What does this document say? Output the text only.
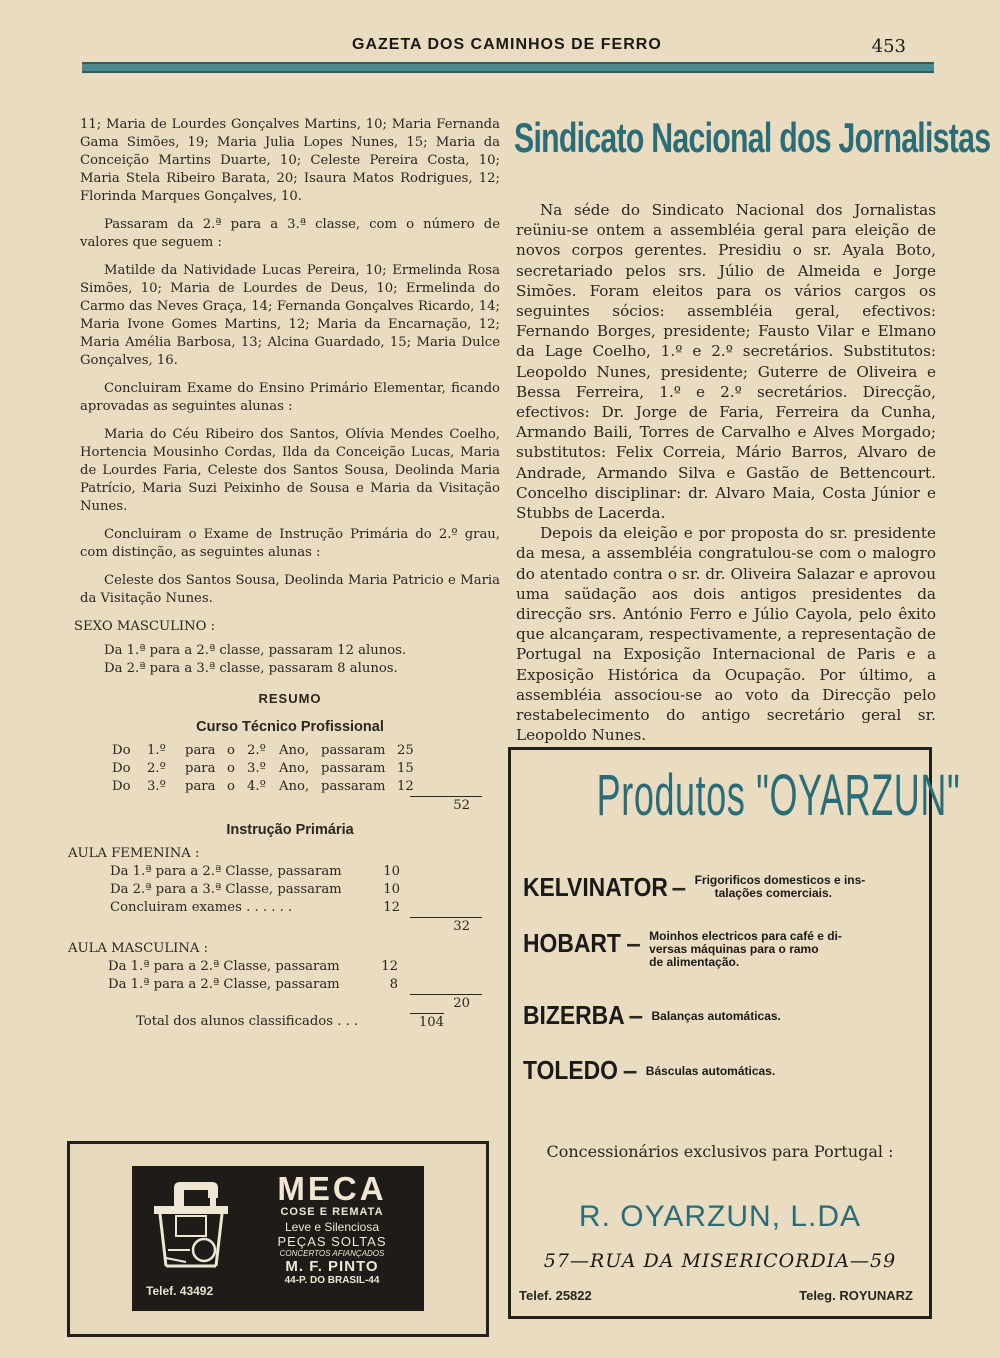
GAZETA DOS CAMINHOS DE FERRO	453

11; Maria de Lourdes Gonçalves Martins, 10; Maria Fernanda Gama Simões, 19; Maria Julia Lopes Nunes, 15; Maria da Conceição Martins Duarte, 10; Celeste Pereira Costa, 10; Maria Stela Ribeiro Barata, 20; Isaura Matos Rodrigues, 12; Florinda Marques Gonçalves, 10.

Passaram da 2.ª para a 3.ª classe, com o número de valores que seguem :

Matilde da Natividade Lucas Pereira, 10; Ermelinda Rosa Simões, 10; Maria de Lourdes de Deus, 10; Ermelinda do Carmo das Neves Graça, 14; Fernanda Gonçalves Ricardo, 14; Maria Ivone Gomes Martins, 12; Maria da Encarnação, 12; Maria Amélia Barbosa, 13; Alcina Guardado, 15; Maria Dulce Gonçalves, 16.

Concluiram Exame do Ensino Primário Elementar, ficando aprovadas as seguintes alunas :

Maria do Céu Ribeiro dos Santos, Olívia Mendes Coelho, Hortencia Mousinho Cordas, Ilda da Conceição Lucas, Maria de Lourdes Faria, Celeste dos Santos Sousa, Deolinda Maria Patrício, Maria Suzi Peixinho de Sousa e Maria da Visitação Nunes.

Concluiram o Exame de Instrução Primária do 2.º grau, com distinção, as seguintes alunas :

Celeste dos Santos Sousa, Deolinda Maria Patricio e Maria da Visitação Nunes.

SEXO MASCULINO :

Da 1.ª para a 2.ª classe, passaram 12 alunos.

Da 2.ª para a 3.ª classe, passaram 8 alunos.

RESUMO

Curso Técnico Profissional

Do	1.º	para o 2.º	Ano, passaram 25
Do	2.º	para o 3.º	Ano, passaram 15
Do	3.º	para o 4.º	Ano, passaram 12
52

Instrução Primária

AULA FEMENINA :

Da 1.ª para a 2.ª Classe, passaram	10
Da 2.ª para a 3.ª Classe, passaram	10
Concluiram exames . . . . . .	12
32

AULA MASCULINA :

Da 1.ª para a 2.ª Classe, passaram	12
Da 1.ª para a 2.ª Classe, passaram	8
20
Total dos alunos classificados . . .	104
Telef. 43492
MECA
COSE E REMATA
Leve e Silenciosa
PEÇAS SOLTAS
CONCERTOS AFIANÇADOS
M. F. PINTO
44-P. DO BRASIL-44
Sindicato Nacional dos Jornalistas

Na séde do Sindicato Nacional dos Jornalistas reüniu-se ontem a assembléia geral para eleição de novos corpos gerentes. Presidiu o sr. Ayala Boto, secretariado pelos srs. Júlio de Almeida e Jorge Simões. Foram eleitos para os vários cargos os seguintes sócios: assembléia geral, efectivos: Fernando Borges, presidente; Fausto Vilar e Elmano da Lage Coelho, 1.º e 2.º secretários. Substitutos: Leopoldo Nunes, presidente; Guterre de Oliveira e Bessa Ferreira, 1.º e 2.º secretários. Direcção, efectivos: Dr. Jorge de Faria, Ferreira da Cunha, Armando Baili, Torres de Carvalho e Alves Morgado; substitutos: Felix Correia, Mário Barros, Alvaro de Andrade, Armando Silva e Gastão de Bettencourt. Concelho disciplinar: dr. Alvaro Maia, Costa Júnior e Stubbs de Lacerda.

Depois da eleição e por proposta do sr. presidente da mesa, a assembléia congratulou-se com o malogro do atentado contra o sr. dr. Oliveira Salazar e aprovou uma saüdação aos dois antigos presidentes da direcção srs. António Ferro e Júlio Cayola, pelo êxito que alcançaram, respectivamente, a representação de Portugal na Exposição Internacional de Paris e a Exposição Histórica da Ocupação. Por último, a assembléia associou-se ao voto da Direcção pelo restabelecimento do antigo secretário geral sr. Leopoldo Nunes.

Produtos "OYARZUN"
KELVINATOR – Frigorificos domesticos e ins-
talações comerciais.
HOBART – Moinhos electricos para café e di-
versas máquinas para o ramo
de alimentação.
BIZERBA – Balanças automáticas.
TOLEDO – Básculas automáticas.
Concessionários exclusivos para Portugal :
R. OYARZUN, L.DA
57—RUA DA MISERICORDIA—59
Telef. 25822	Teleg. ROYUNARZ
